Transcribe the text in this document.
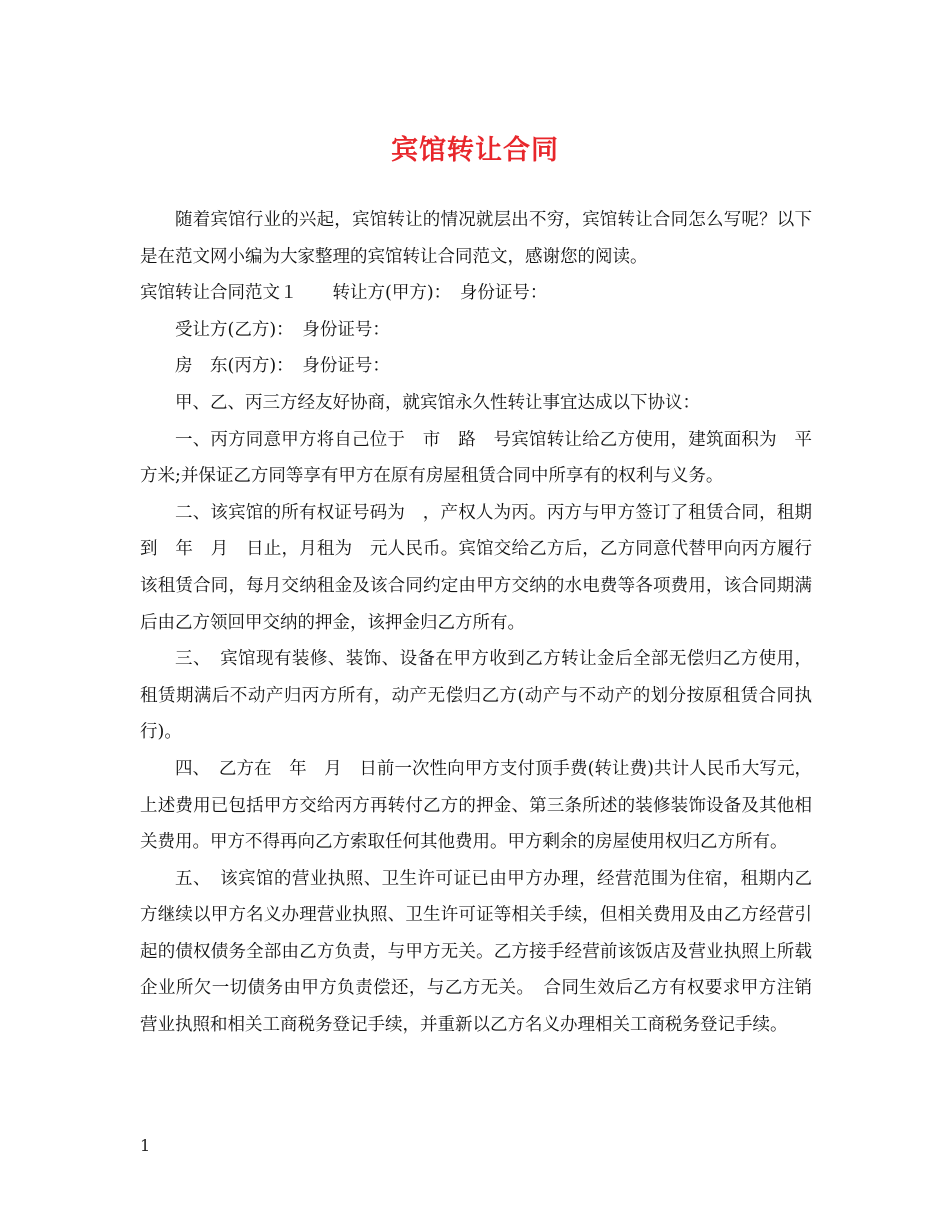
宾馆转让合同

随着宾馆行业的兴起，宾馆转让的情况就层出不穷，宾馆转让合同怎么写呢？以下是在范文网小编为大家整理的宾馆转让合同范文，感谢您的阅读。

宾馆转让合同范文１　　转让方(甲方)：　身份证号：

受让方(乙方)：　身份证号：

房　东(丙方)：　身份证号：

甲、乙、丙三方经友好协商，就宾馆永久性转让事宜达成以下协议：

一、丙方同意甲方将自己位于　市　路　号宾馆转让给乙方使用，建筑面积为　平方米;并保证乙方同等享有甲方在原有房屋租赁合同中所享有的权利与义务。

二、该宾馆的所有权证号码为　，产权人为丙。丙方与甲方签订了租赁合同，租期到　年　月　日止，月租为　元人民币。宾馆交给乙方后，乙方同意代替甲向丙方履行该租赁合同，每月交纳租金及该合同约定由甲方交纳的水电费等各项费用，该合同期满后由乙方领回甲交纳的押金，该押金归乙方所有。

三、　宾馆现有装修、装饰、设备在甲方收到乙方转让金后全部无偿归乙方使用，租赁期满后不动产归丙方所有，动产无偿归乙方(动产与不动产的划分按原租赁合同执行)。

四、　乙方在　年　月　日前一次性向甲方支付顶手费(转让费)共计人民币大写元，上述费用已包括甲方交给丙方再转付乙方的押金、第三条所述的装修装饰设备及其他相关费用。甲方不得再向乙方索取任何其他费用。甲方剩余的房屋使用权归乙方所有。

五、　该宾馆的营业执照、卫生许可证已由甲方办理，经营范围为住宿，租期内乙方继续以甲方名义办理营业执照、卫生许可证等相关手续，但相关费用及由乙方经营引起的债权债务全部由乙方负责，与甲方无关。乙方接手经营前该饭店及营业执照上所载企业所欠一切债务由甲方负责偿还，与乙方无关。　合同生效后乙方有权要求甲方注销营业执照和相关工商税务登记手续，并重新以乙方名义办理相关工商税务登记手续。

1
